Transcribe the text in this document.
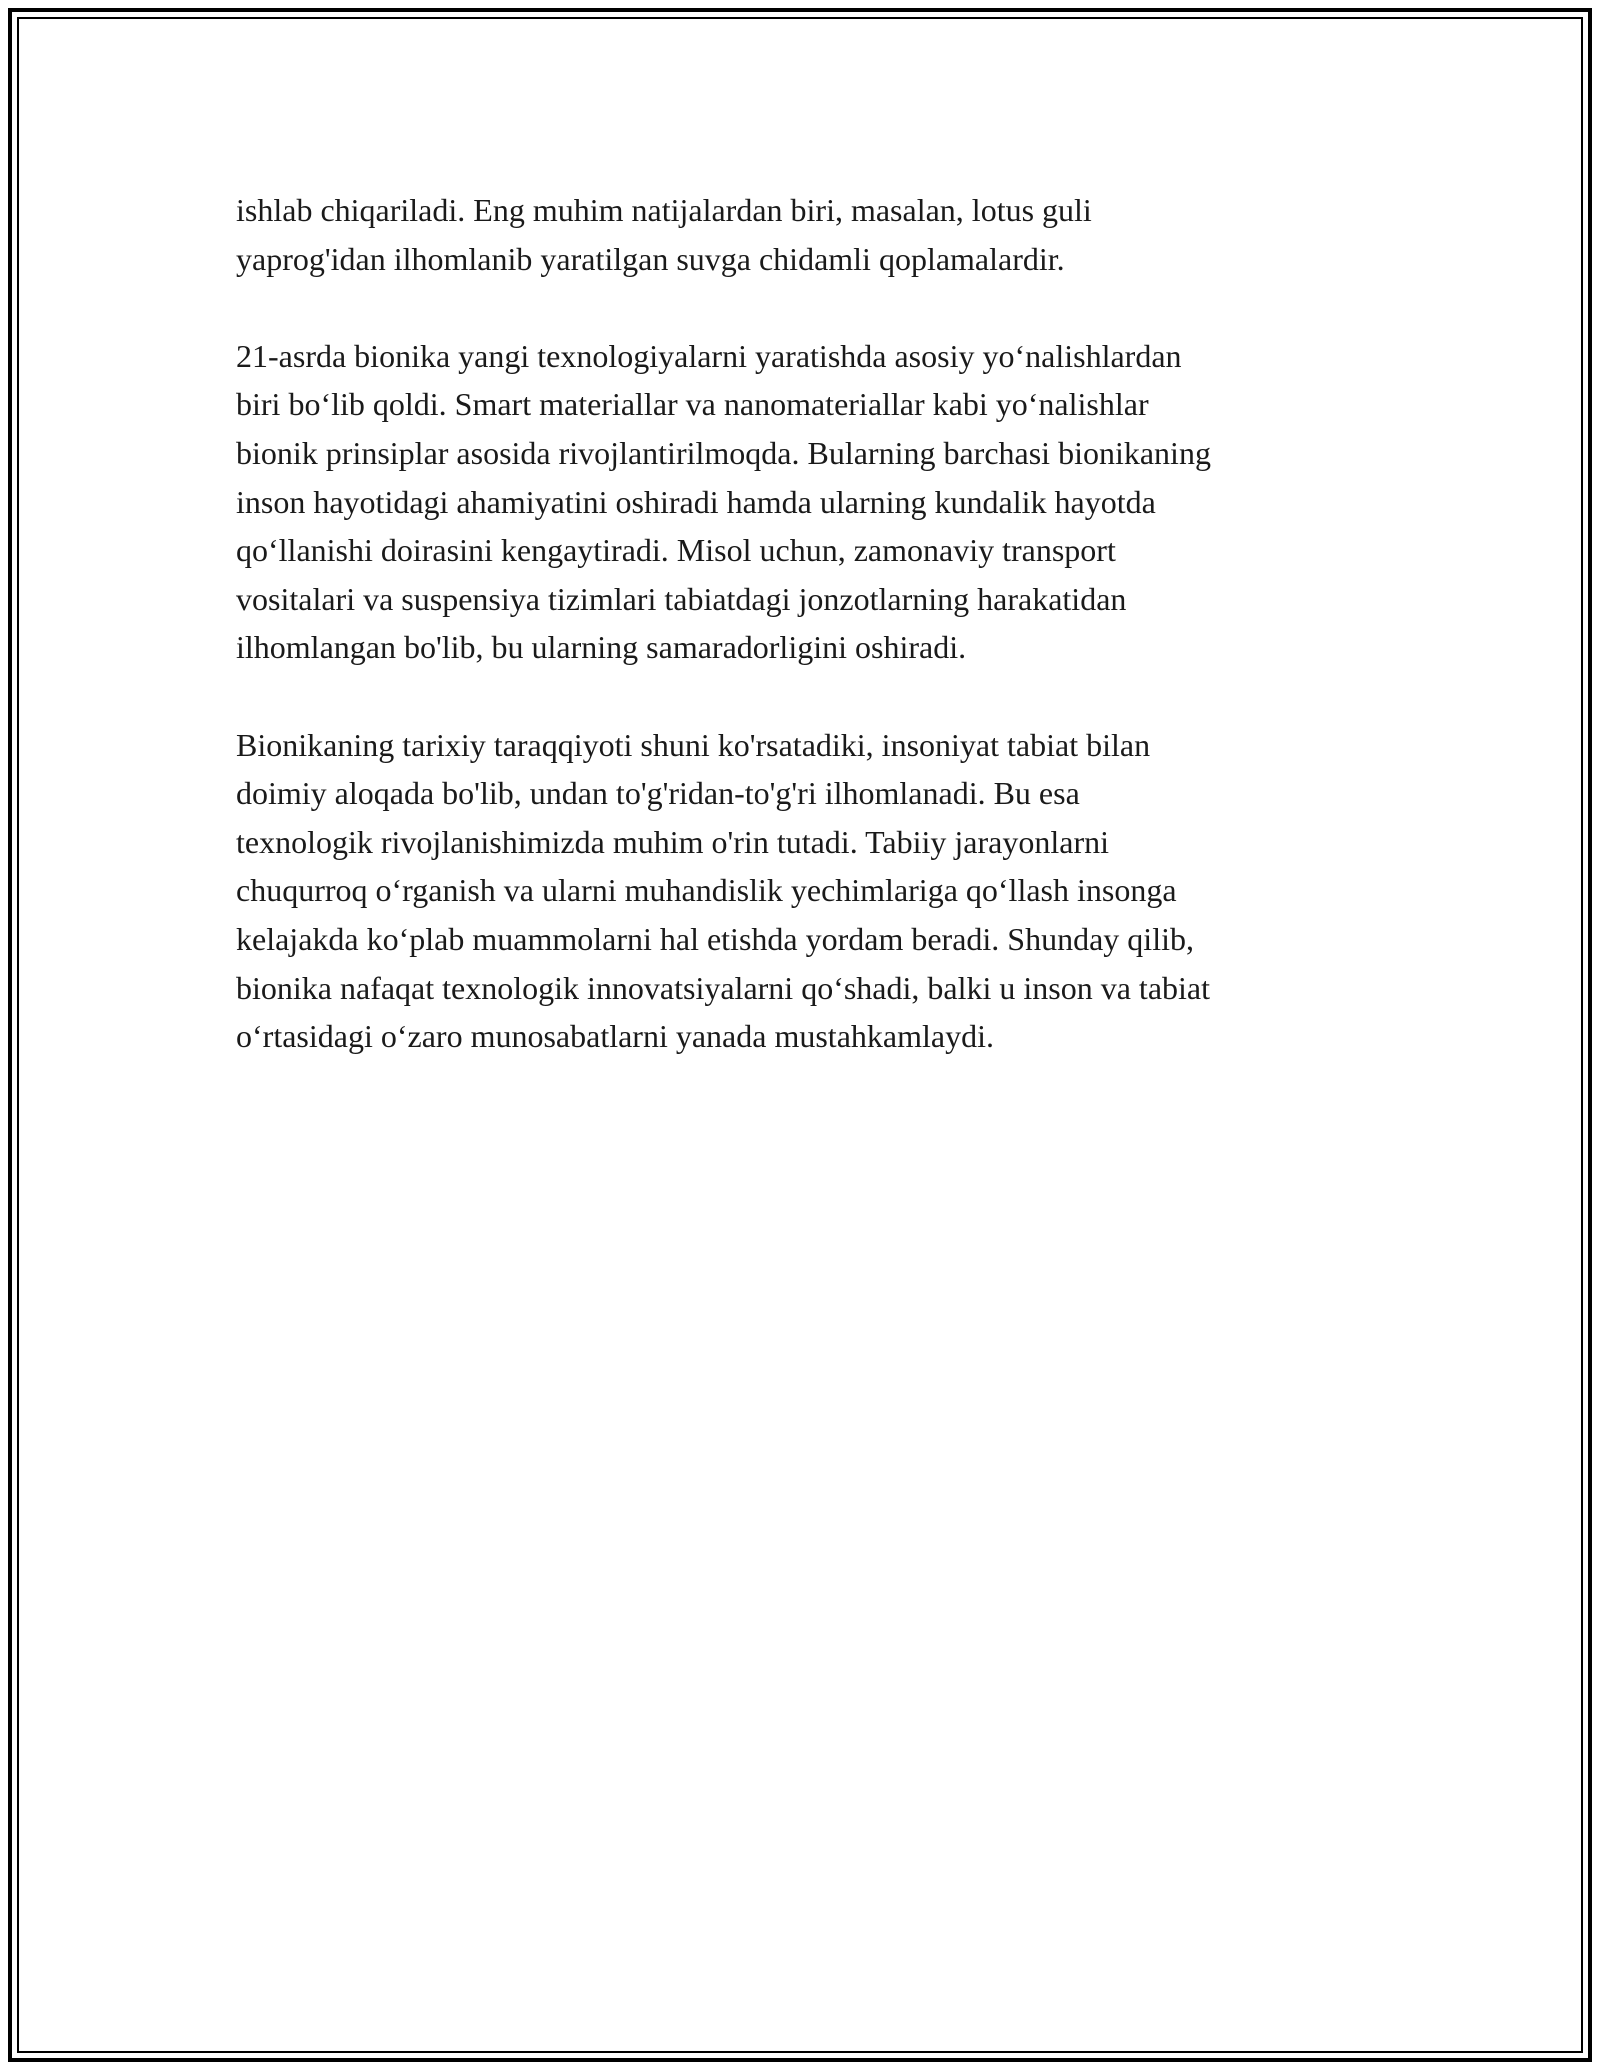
ishlab chiqariladi. Eng muhim natijalardan biri, masalan, lotus guli
yaprog'idan ilhomlanib yaratilgan suvga chidamli qoplamalardir.

21-asrda bionika yangi texnologiyalarni yaratishda asosiy yo‘nalishlardan
biri bo‘lib qoldi. Smart materiallar va nanomateriallar kabi yo‘nalishlar
bionik prinsiplar asosida rivojlantirilmoqda. Bularning barchasi bionikaning
inson hayotidagi ahamiyatini oshiradi hamda ularning kundalik hayotda
qo‘llanishi doirasini kengaytiradi. Misol uchun, zamonaviy transport
vositalari va suspensiya tizimlari tabiatdagi jonzotlarning harakatidan
ilhomlangan bo'lib, bu ularning samaradorligini oshiradi.

Bionikaning tarixiy taraqqiyoti shuni ko'rsatadiki, insoniyat tabiat bilan
doimiy aloqada bo'lib, undan to'g'ridan-to'g'ri ilhomlanadi. Bu esa
texnologik rivojlanishimizda muhim o'rin tutadi. Tabiiy jarayonlarni
chuqurroq o‘rganish va ularni muhandislik yechimlariga qo‘llash insonga
kelajakda ko‘plab muammolarni hal etishda yordam beradi. Shunday qilib,
bionika nafaqat texnologik innovatsiyalarni qo‘shadi, balki u inson va tabiat
o‘rtasidagi o‘zaro munosabatlarni yanada mustahkamlaydi.
